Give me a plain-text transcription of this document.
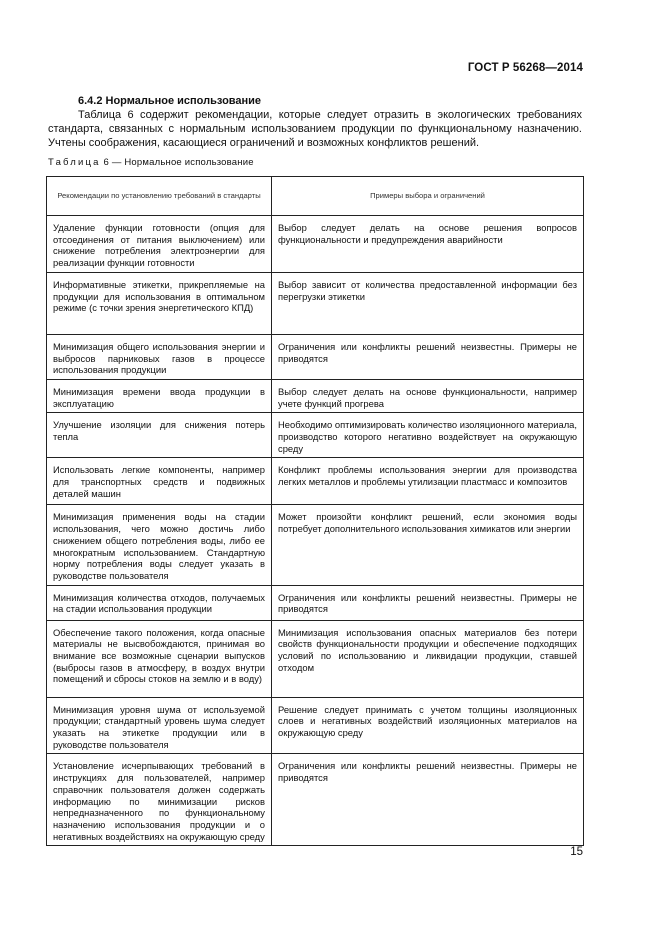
ГОСТ Р 56268—2014
6.4.2 Нормальное использование

Таблица 6 содержит рекомендации, которые следует отразить в экологических требованиях стандарта, связанных с нормальным использованием продукции по функциональному назначению. Учтены соображения, касающиеся ограничений и возможных конфликтов решений.

Таблица 6 — Нормальное использование
Рекомендации по установлению требований в стандарты	Примеры выбора и ограничений
Удаление функции готовности (опция для отсоединения от питания выключением) или снижение потребления электроэнергии для реализации функции готовности	Выбор следует делать на основе решения вопросов функциональности и предупреждения аварийности
Информативные этикетки, прикрепляемые на продукции для использования в оптимальном режиме (с точки зрения энергетического КПД)	Выбор зависит от количества предоставленной информации без перегрузки этикетки
Минимизация общего использования энергии и выбросов парниковых газов в процессе использования продукции	Ограничения или конфликты решений неизвестны. Примеры не приводятся
Минимизация времени ввода продукции в эксплуатацию	Выбор следует делать на основе функциональности, например учете функций прогрева
Улучшение изоляции для снижения потерь тепла	Необходимо оптимизировать количество изоляционного материала, производство которого негативно воздействует на окружающую среду
Использовать легкие компоненты, например для транспортных средств и подвижных деталей машин	Конфликт проблемы использования энергии для производства легких металлов и проблемы утилизации пластмасс и композитов
Минимизация применения воды на стадии использования, чего можно достичь либо снижением общего потребления воды, либо ее многократным использованием. Стандартную норму потребления воды следует указать в руководстве пользователя	Может произойти конфликт решений, если экономия воды потребует дополнительного использования химикатов или энергии
Минимизация количества отходов, получаемых на стадии использования продукции	Ограничения или конфликты решений неизвестны. Примеры не приводятся
Обеспечение такого положения, когда опасные материалы не высвобождаются, принимая во внимание все возможные сценарии выпусков (выбросы газов в атмосферу, в воздух внутри помещений и сбросы стоков на землю и в воду)	Минимизация использования опасных материалов без потери свойств функциональности продукции и обеспечение подходящих условий по использованию и ликвидации продукции, ставшей отходом
Минимизация уровня шума от используемой продукции; стандартный уровень шума следует указать на этикетке продукции или в руководстве пользователя	Решение следует принимать с учетом толщины изоляционных слоев и негативных воздействий изоляционных материалов на окружающую среду
Установление исчерпывающих требований в инструкциях для пользователей, например справочник пользователя должен содержать информацию по минимизации рисков непредназначенного по функциональному назначению использования продукции и о негативных воздействиях на окружающую среду	Ограничения или конфликты решений неизвестны. Примеры не приводятся
15
